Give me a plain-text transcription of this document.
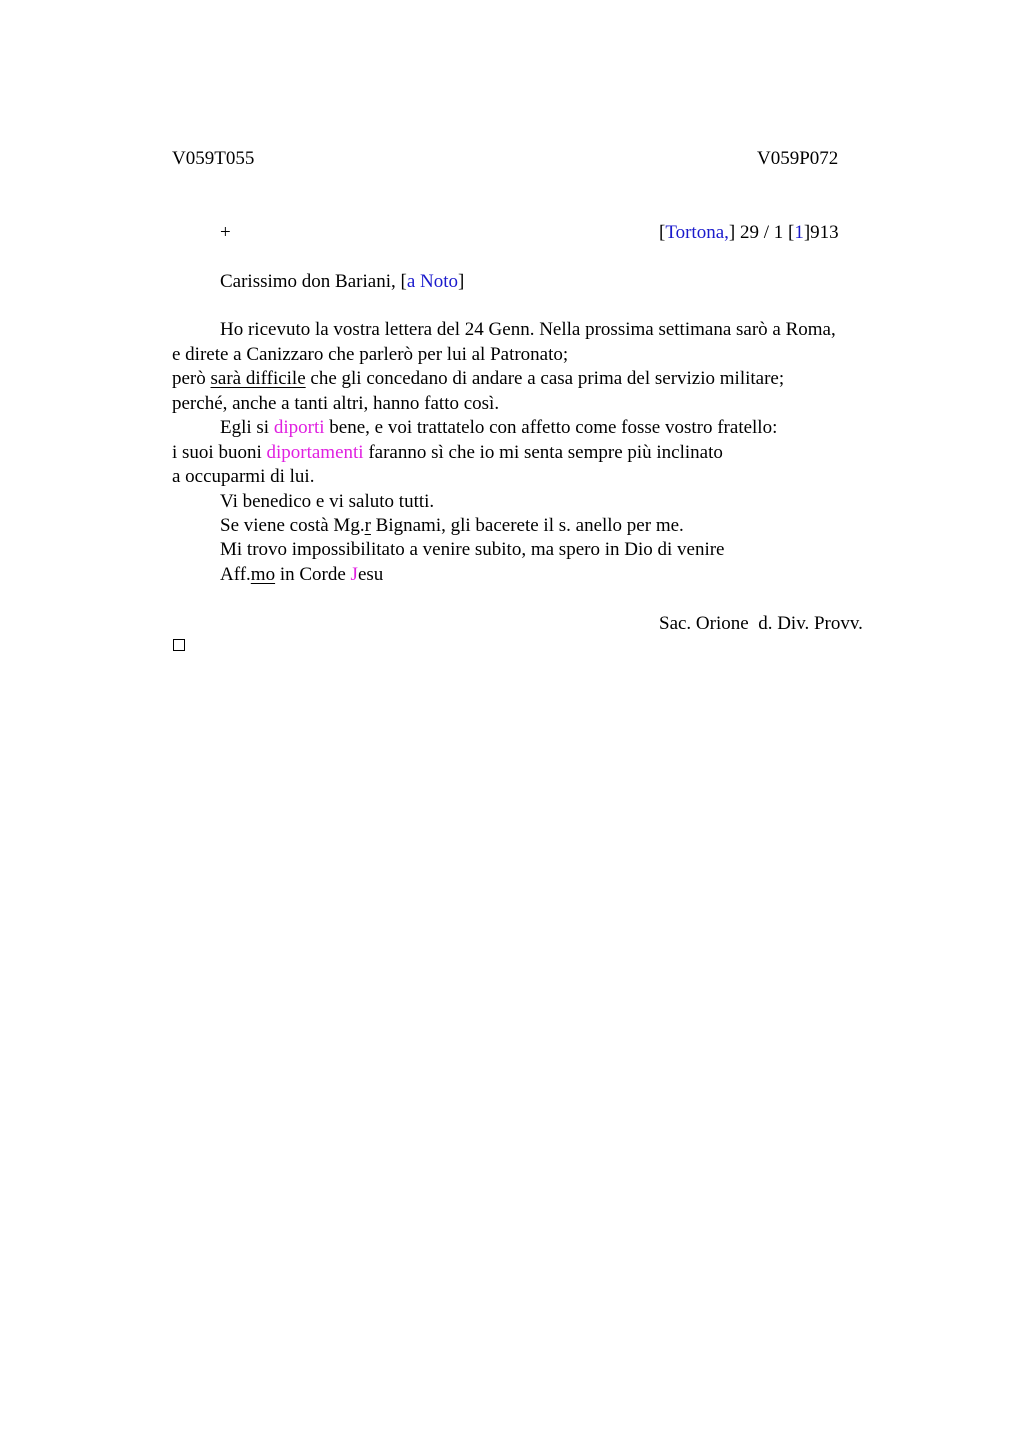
V059T055	V059P072
+	[Tortona,] 29 / 1 [1]913
Carissimo don Bariani, [a Noto]
Ho ricevuto la vostra lettera del 24 Genn. Nella prossima settimana sarò a Roma,
e direte a Canizzaro che parlerò per lui al Patronato;
però sarà difficile che gli concedano di andare a casa prima del servizio militare;
perché, anche a tanti altri, hanno fatto così.
Egli si diporti bene, e voi trattatelo con affetto come fosse vostro fratello:
i suoi buoni diportamenti faranno sì che io mi senta sempre più inclinato
a occuparmi di lui.
Vi benedico e vi saluto tutti.
Se viene costà Mg.r Bignami, gli bacerete il s. anello per me.
Mi trovo impossibilitato a venire subito, ma spero in Dio di venire
Aff.mo in Corde Jesu
Sac. Orione  d. Div. Provv.
